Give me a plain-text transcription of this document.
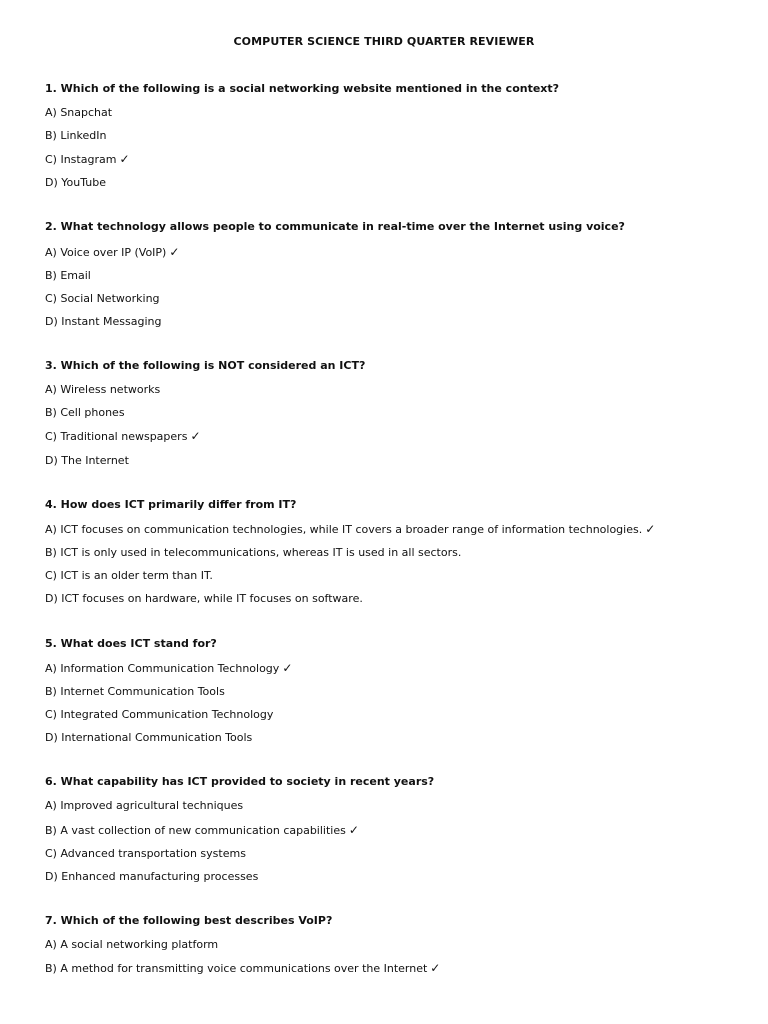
COMPUTER SCIENCE THIRD QUARTER REVIEWER
1. Which of the following is a social networking website mentioned in the context?
A) Snapchat
B) LinkedIn
C) Instagram ✓
D) YouTube
2. What technology allows people to communicate in real-time over the Internet using voice?
A) Voice over IP (VoIP) ✓
B) Email
C) Social Networking
D) Instant Messaging
3. Which of the following is NOT considered an ICT?
A) Wireless networks
B) Cell phones
C) Traditional newspapers ✓
D) The Internet
4. How does ICT primarily differ from IT?
A) ICT focuses on communication technologies, while IT covers a broader range of information technologies. ✓
B) ICT is only used in telecommunications, whereas IT is used in all sectors.
C) ICT is an older term than IT.
D) ICT focuses on hardware, while IT focuses on software.
5. What does ICT stand for?
A) Information Communication Technology ✓
B) Internet Communication Tools
C) Integrated Communication Technology
D) International Communication Tools
6. What capability has ICT provided to society in recent years?
A) Improved agricultural techniques
B) A vast collection of new communication capabilities ✓
C) Advanced transportation systems
D) Enhanced manufacturing processes
7. Which of the following best describes VoIP?
A) A social networking platform
B) A method for transmitting voice communications over the Internet ✓
